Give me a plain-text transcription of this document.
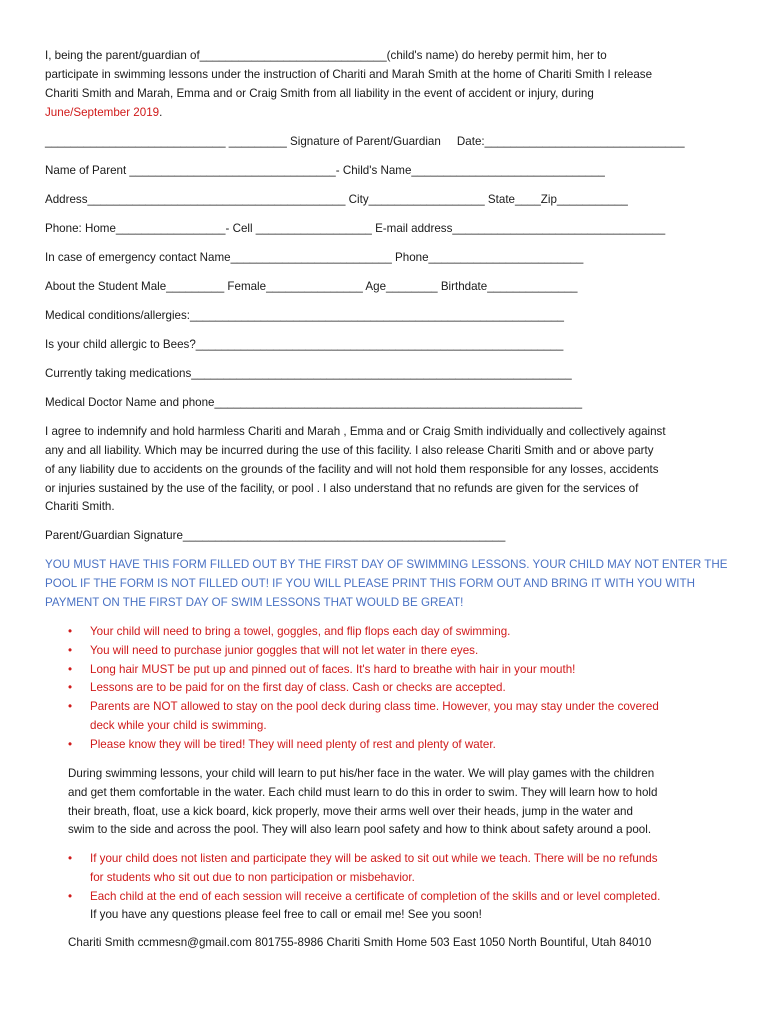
I, being the parent/guardian of_____________________________(child's name) do hereby permit him, her to
participate in swimming lessons under the instruction of Chariti and Marah Smith at the home of Chariti Smith I release
Chariti Smith and Marah, Emma and or Craig Smith from all liability in the event of accident or injury, during
June/September 2019.
____________________________ _________ Signature of Parent/Guardian     Date:_______________________________
Name of Parent ________________________________- Child's Name______________________________
Address________________________________________ City__________________ State____Zip___________
Phone: Home_________________- Cell __________________ E-mail address_________________________________
In case of emergency contact Name_________________________ Phone________________________
About the Student Male_________ Female_______________ Age________ Birthdate______________
Medical conditions/allergies:__________________________________________________________
Is your child allergic to Bees?_________________________________________________________
Currently taking medications___________________________________________________________
Medical Doctor Name and phone_________________________________________________________
I agree to indemnify and hold harmless Chariti and Marah , Emma and or Craig Smith individually and collectively against
any and all liability. Which may be incurred during the use of this facility. I also release Chariti Smith and or above party
of any liability due to accidents on the grounds of the facility and will not hold them responsible for any losses, accidents
or injuries sustained by the use of the facility, or pool . I also understand that no refunds are given for the services of
Chariti Smith.
Parent/Guardian Signature__________________________________________________
YOU MUST HAVE THIS FORM FILLED OUT BY THE FIRST DAY OF SWIMMING LESSONS. YOUR CHILD MAY NOT ENTER THE
POOL IF THE FORM IS NOT FILLED OUT! IF YOU WILL PLEASE PRINT THIS FORM OUT AND BRING IT WITH YOU WITH
PAYMENT ON THE FIRST DAY OF SWIM LESSONS THAT WOULD BE GREAT!
• Your child will need to bring a towel, goggles, and flip flops each day of swimming.
• You will need to purchase junior goggles that will not let water in there eyes.
• Long hair MUST be put up and pinned out of faces. It's hard to breathe with hair in your mouth!
• Lessons are to be paid for on the first day of class. Cash or checks are accepted.
• Parents are NOT allowed to stay on the pool deck during class time. However, you may stay under the covered
deck while your child is swimming.
• Please know they will be tired! They will need plenty of rest and plenty of water.
During swimming lessons, your child will learn to put his/her face in the water. We will play games with the children
and get them comfortable in the water. Each child must learn to do this in order to swim. They will learn how to hold
their breath, float, use a kick board, kick properly, move their arms well over their heads, jump in the water and
swim to the side and across the pool. They will also learn pool safety and how to think about safety around a pool.
• If your child does not listen and participate they will be asked to sit out while we teach. There will be no refunds
for students who sit out due to non participation or misbehavior.
• Each child at the end of each session will receive a certificate of completion of the skills and or level completed.
If you have any questions please feel free to call or email me! See you soon!
Chariti Smith ccmmesn@gmail.com 801755-8986 Chariti Smith Home 503 East 1050 North Bountiful, Utah 84010
